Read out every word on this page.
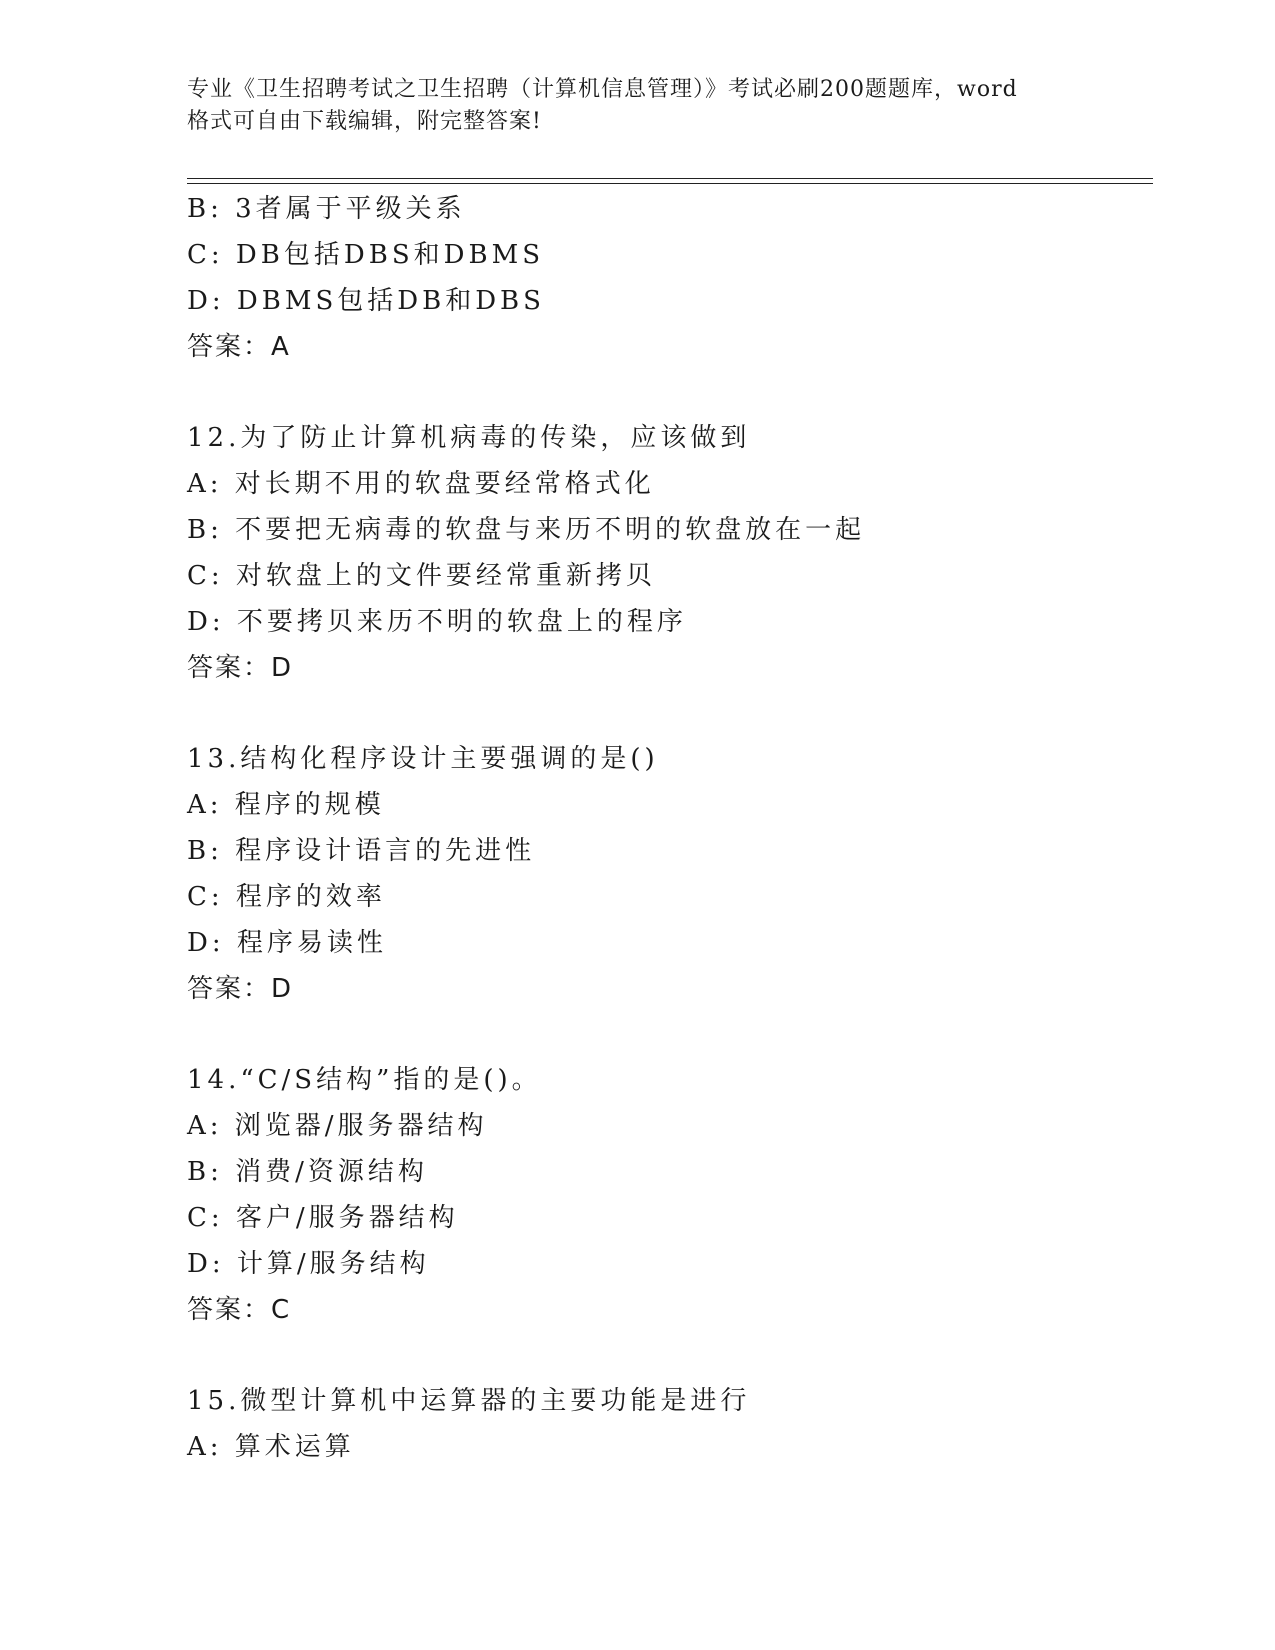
专业《卫生招聘考试之卫生招聘（计算机信息管理）》考试必刷200题题库，word
格式可自由下载编辑，附完整答案!
B: 3者属于平级关系
C: DB包括DBS和DBMS
D: DBMS包括DB和DBS
答案：A
12.为了防止计算机病毒的传染，应该做到
A: 对长期不用的软盘要经常格式化
B: 不要把无病毒的软盘与来历不明的软盘放在一起
C: 对软盘上的文件要经常重新拷贝
D: 不要拷贝来历不明的软盘上的程序
答案：D
13.结构化程序设计主要强调的是()
A: 程序的规模
B: 程序设计语言的先进性
C: 程序的效率
D: 程序易读性
答案：D
14.“C/S结构”指的是()。
A: 浏览器/服务器结构
B: 消费/资源结构
C: 客户/服务器结构
D: 计算/服务结构
答案：C
15.微型计算机中运算器的主要功能是进行
A: 算术运算
